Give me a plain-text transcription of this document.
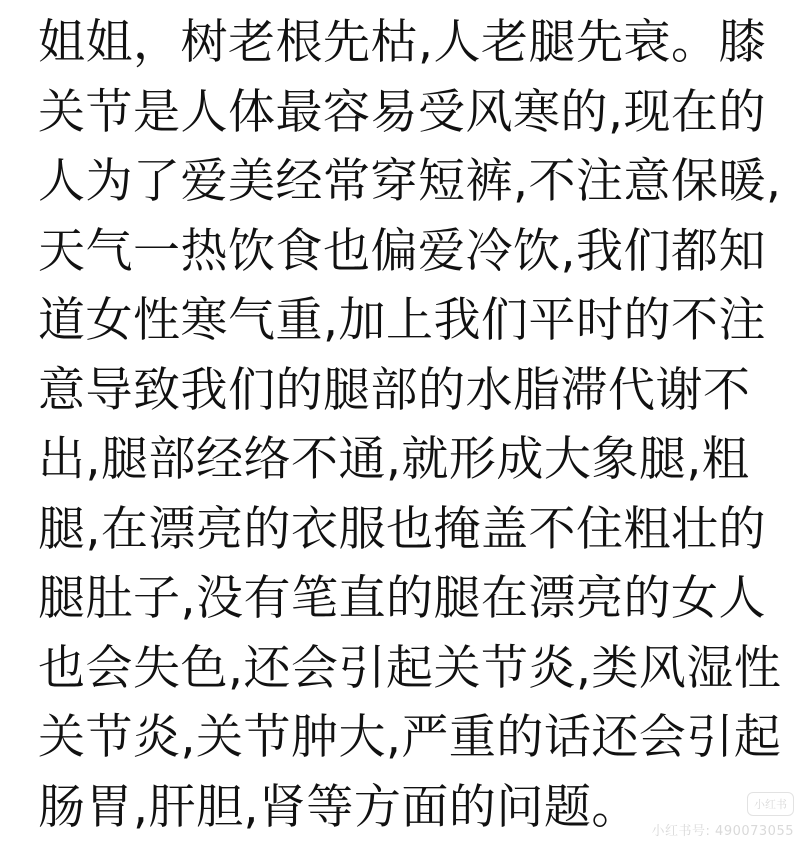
姐姐，树老根先枯,人老腿先衰。膝
关节是人体最容易受风寒的,现在的
人为了爱美经常穿短裤,不注意保暖,
天气一热饮食也偏爱冷饮,我们都知
道女性寒气重,加上我们平时的不注
意导致我们的腿部的水脂滞代谢不
出,腿部经络不通,就形成大象腿,粗
腿,在漂亮的衣服也掩盖不住粗壮的
腿肚子,没有笔直的腿在漂亮的女人
也会失色,还会引起关节炎,类风湿性
关节炎,关节肿大,严重的话还会引起
肠胃,肝胆,肾等方面的问题。	小红书
小红书号: 490073055
